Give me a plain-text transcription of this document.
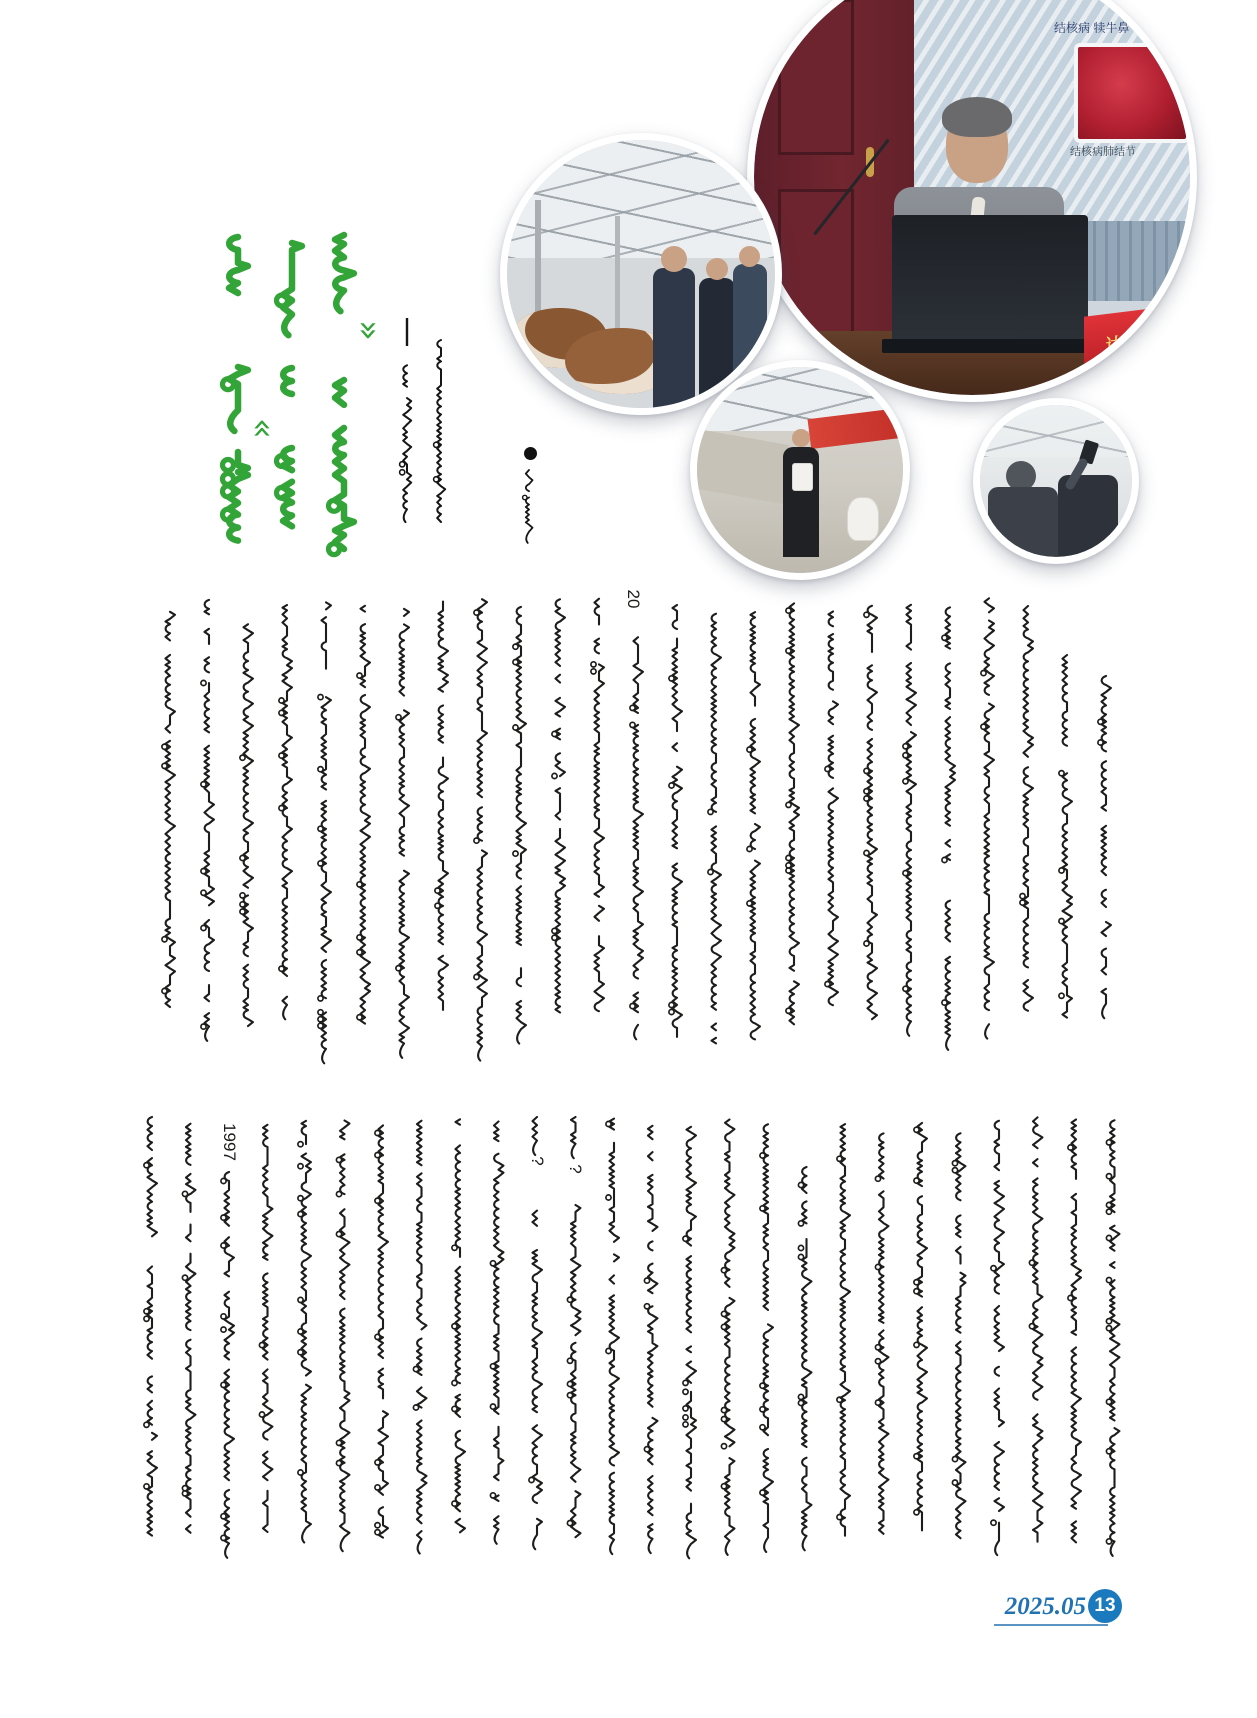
«
»
结核病 犊牛鼻
结核病肺结节
达来宝
20
1997
?
?
2025.05 13
